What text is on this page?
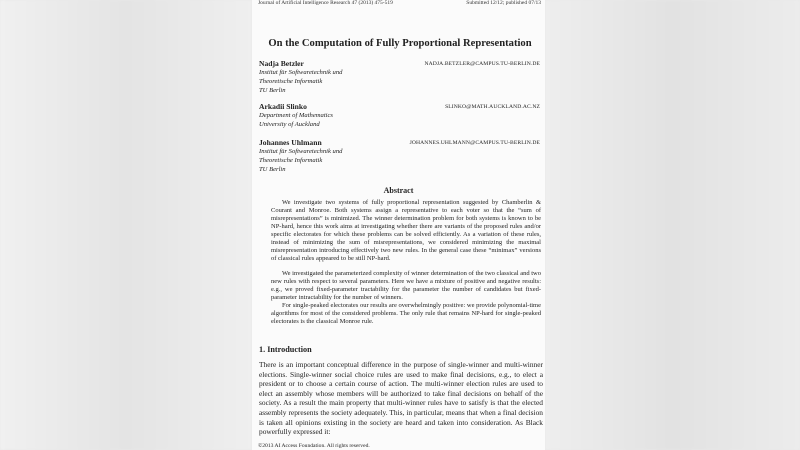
Journal of Artificial Intelligence Research 47 (2013) 475-519	Submitted 12/12; published 07/13
On the Computation of Fully Proportional Representation
Nadja Betzler	NADJA.BETZLER@CAMPUS.TU-BERLIN.DE
Institut für Softwaretechnik und
Theoretische Informatik
TU Berlin
Arkadii Slinko	SLINKO@MATH.AUCKLAND.AC.NZ
Department of Mathematics
University of Auckland
Johannes Uhlmann	JOHANNES.UHLMANN@CAMPUS.TU-BERLIN.DE
Institut für Softwaretechnik und
Theoretische Informatik
TU Berlin
Abstract
We investigate two systems of fully proportional representation suggested by Chamberlin & Courant and Monroe. Both systems assign a representative to each voter so that the “sum of misrepresentations” is minimized. The winner determination problem for both systems is known to be NP-hard, hence this work aims at investigating whether there are variants of the proposed rules and/or specific electorates for which these problems can be solved efficiently. As a variation of these rules, instead of minimizing the sum of misrepresentations, we considered minimizing the maximal misrepresentation introducing effectively two new rules. In the general case these “minimax” versions of classical rules appeared to be still NP-hard.
We investigated the parameterized complexity of winner determination of the two classical and two new rules with respect to several parameters. Here we have a mixture of positive and negative results: e.g., we proved fixed-parameter tractability for the parameter the number of candidates but fixed-parameter intractability for the number of winners.
For single-peaked electorates our results are overwhelmingly positive: we provide polynomial-time algorithms for most of the considered problems. The only rule that remains NP-hard for single-peaked electorates is the classical Monroe rule.
1. Introduction
There is an important conceptual difference in the purpose of single-winner and multi-winner elections. Single-winner social choice rules are used to make final decisions, e.g., to elect a president or to choose a certain course of action. The multi-winner election rules are used to elect an assembly whose members will be authorized to take final decisions on behalf of the society. As a result the main property that multi-winner rules have to satisfy is that the elected assembly represents the society adequately. This, in particular, means that when a final decision is taken all opinions existing in the society are heard and taken into consideration. As Black powerfully expressed it:
©2013 AI Access Foundation. All rights reserved.
